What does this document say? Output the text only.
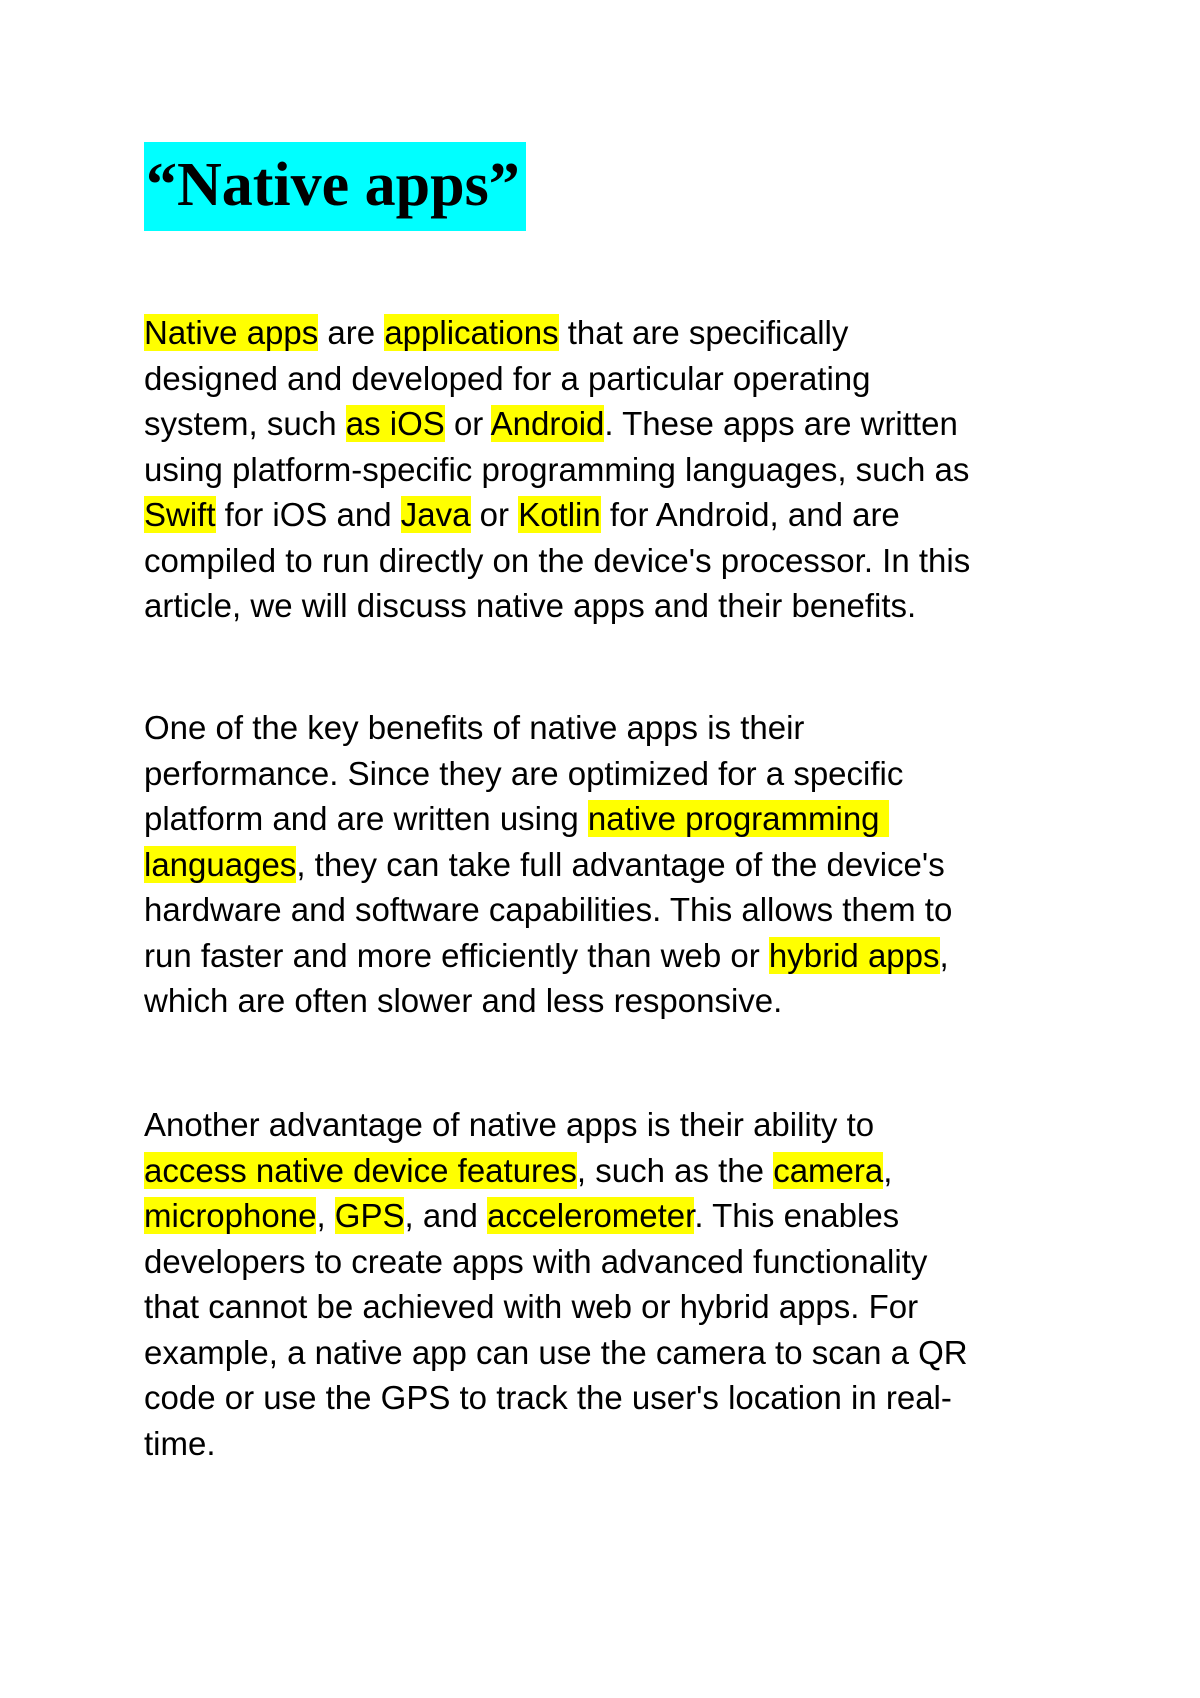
“Native apps”
Native apps are applications that are specifically
designed and developed for a particular operating
system, such as iOS or Android. These apps are written
using platform-specific programming languages, such as
Swift for iOS and Java or Kotlin for Android, and are
compiled to run directly on the device's processor. In this
article, we will discuss native apps and their benefits.
One of the key benefits of native apps is their
performance. Since they are optimized for a specific
platform and are written using native programming
languages, they can take full advantage of the device's
hardware and software capabilities. This allows them to
run faster and more efficiently than web or hybrid apps,
which are often slower and less responsive.
Another advantage of native apps is their ability to
access native device features, such as the camera,
microphone, GPS, and accelerometer. This enables
developers to create apps with advanced functionality
that cannot be achieved with web or hybrid apps. For
example, a native app can use the camera to scan a QR
code or use the GPS to track the user's location in real-
time.
